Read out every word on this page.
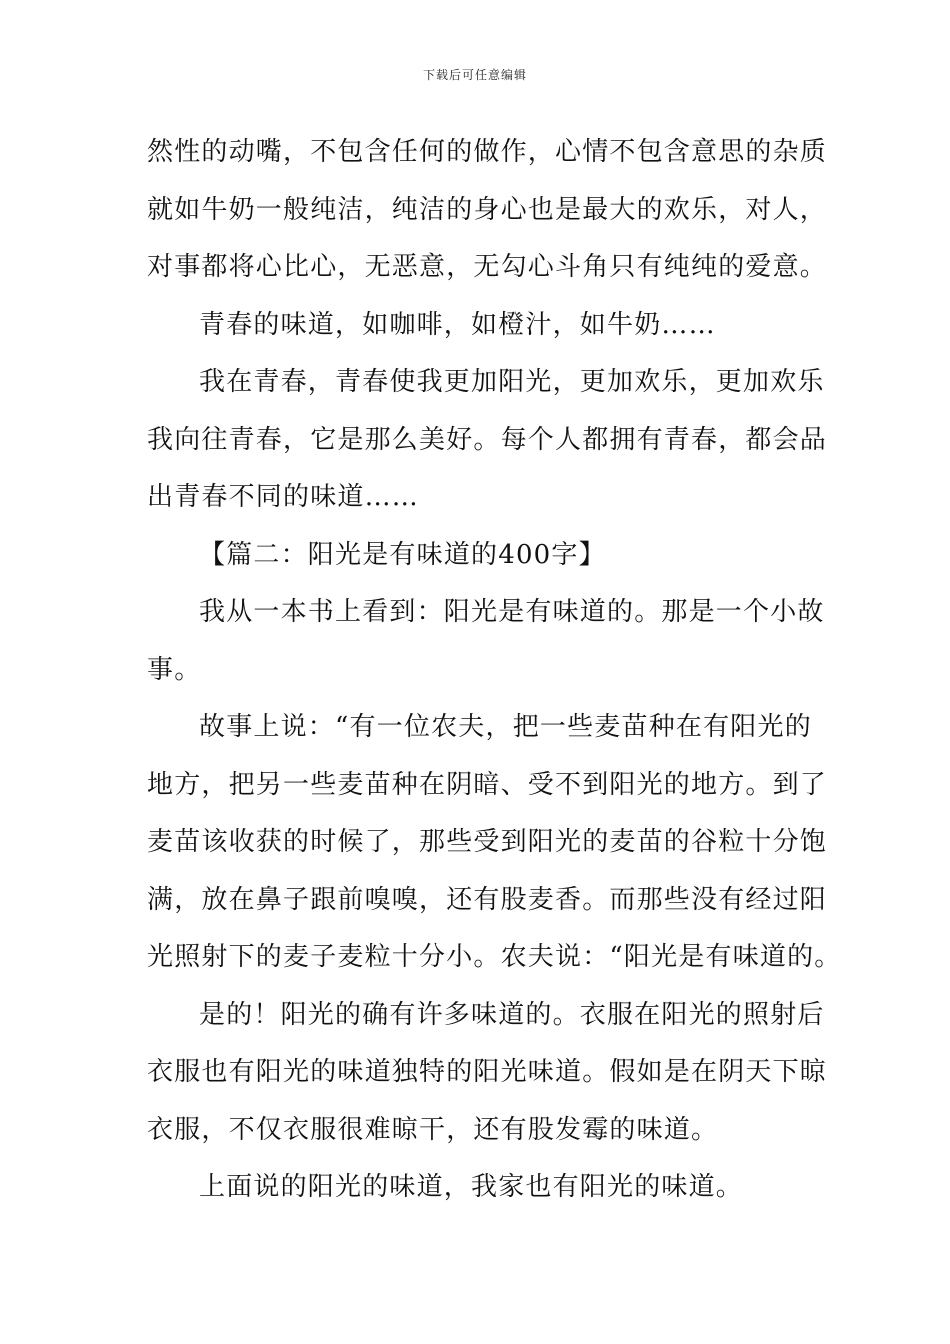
下载后可任意编辑
然性的动嘴，不包含任何的做作，心情不包含意思的杂质
就如牛奶一般纯洁，纯洁的身心也是最大的欢乐，对人，
对事都将心比心，无恶意，无勾心斗角只有纯纯的爱意。
青春的味道，如咖啡，如橙汁，如牛奶……
我在青春，青春使我更加阳光，更加欢乐，更加欢乐
我向往青春，它是那么美好。每个人都拥有青春，都会品
出青春不同的味道……
【篇二：阳光是有味道的400字】
我从一本书上看到：阳光是有味道的。那是一个小故
事。
故事上说：“有一位农夫，把一些麦苗种在有阳光的
地方，把另一些麦苗种在阴暗、受不到阳光的地方。到了
麦苗该收获的时候了，那些受到阳光的麦苗的谷粒十分饱
满，放在鼻子跟前嗅嗅，还有股麦香。而那些没有经过阳
光照射下的麦子麦粒十分小。农夫说：“阳光是有味道的。
是的！阳光的确有许多味道的。衣服在阳光的照射后
衣服也有阳光的味道独特的阳光味道。假如是在阴天下晾
衣服，不仅衣服很难晾干，还有股发霉的味道。
上面说的阳光的味道，我家也有阳光的味道。
